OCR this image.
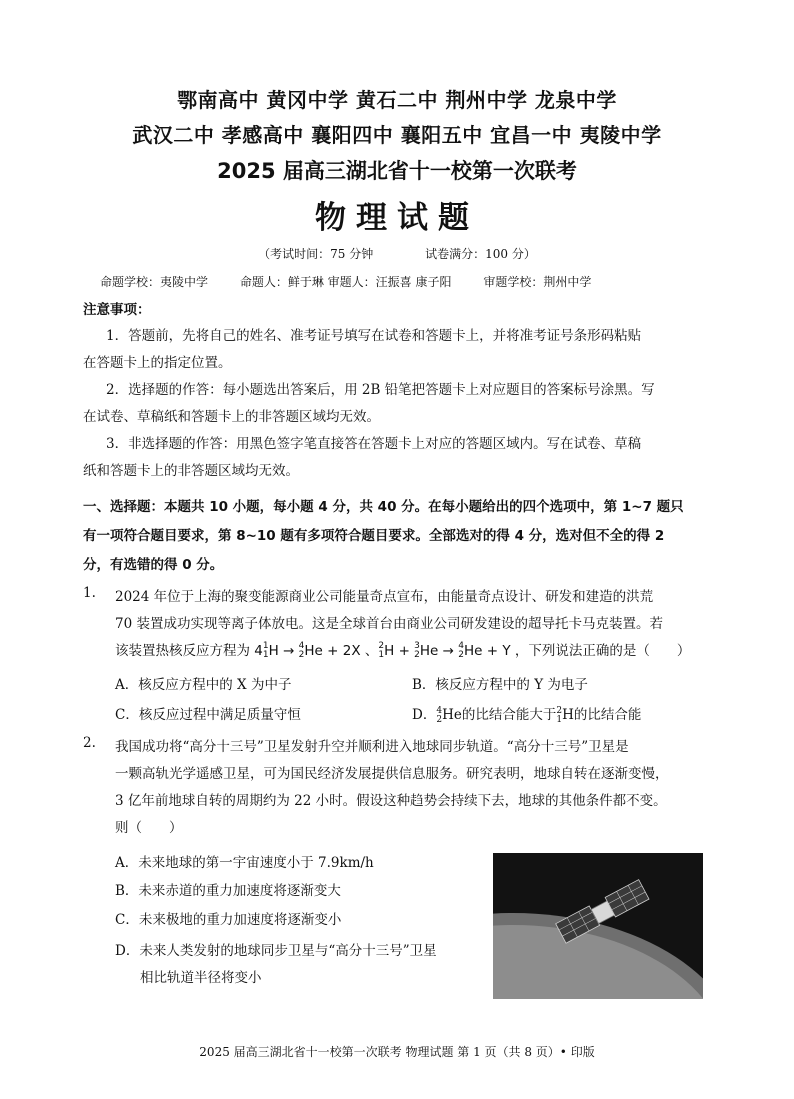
鄂南高中 黄冈中学 黄石二中 荆州中学 龙泉中学
武汉二中 孝感高中 襄阳四中 襄阳五中 宜昌一中 夷陵中学
2025 届高三湖北省十一校第一次联考
物理试题
（考试时间：75 分钟	试卷满分：100 分）
命题学校：夷陵中学	命题人：鲜于琳 审题人：汪振喜 康子阳	审题学校：荆州中学
注意事项：
1．答题前，先将自己的姓名、准考证号填写在试卷和答题卡上，并将准考证号条形码粘贴
在答题卡上的指定位置。
2．选择题的作答：每小题选出答案后，用 2B 铅笔把答题卡上对应题目的答案标号涂黑。写
在试卷、草稿纸和答题卡上的非答题区域均无效。
3．非选择题的作答：用黑色签字笔直接答在答题卡上对应的答题区域内。写在试卷、草稿
纸和答题卡上的非答题区域均无效。
一、选择题：本题共 10 小题，每小题 4 分，共 40 分。在每小题给出的四个选项中，第 1~7 题只
有一项符合题目要求，第 8~10 题有多项符合题目要求。全部选对的得 4 分，选对但不全的得 2
分，有选错的得 0 分。
1. 2024 年位于上海的聚变能源商业公司能量奇点宣布，由能量奇点设计、研发和建造的洪荒
70 装置成功实现等离子体放电。这是全球首台由商业公司研发建设的超导托卡马克装置。若
该装置热核反应方程为 41
1H → 4
2He + 2X 、2
1H + 3
2He → 4
2He + Y ，下列说法正确的是（　　）
A．核反应方程中的 X 为中子	B．核反应方程中的 Y 为电子
C．核反应过程中满足质量守恒	D．4
2He的比结合能大于2
1H的比结合能
2. 我国成功将“高分十三号”卫星发射升空并顺利进入地球同步轨道。“高分十三号”卫星是
一颗高轨光学遥感卫星，可为国民经济发展提供信息服务。研究表明，地球自转在逐渐变慢，
3 亿年前地球自转的周期约为 22 小时。假设这种趋势会持续下去，地球的其他条件都不变。
则（　　）
A．未来地球的第一宇宙速度小于 7.9km/h
B．未来赤道的重力加速度将逐渐变大
C．未来极地的重力加速度将逐渐变小
D．未来人类发射的地球同步卫星与“高分十三号”卫星
相比轨道半径将变小
2025 届高三湖北省十一校第一次联考 物理试题 第 1 页（共 8 页）• 印版
